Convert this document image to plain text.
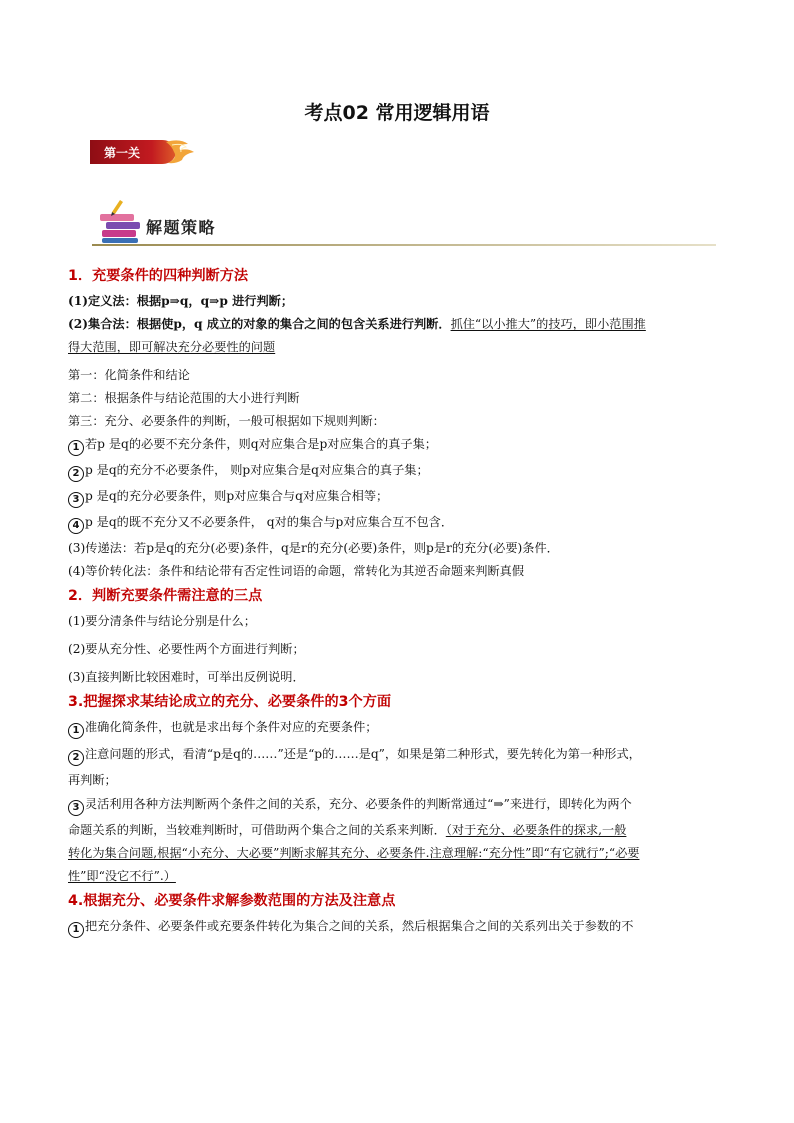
考点02 常用逻辑用语
第一关
解题策略

1．充要条件的四种判断方法

(1)定义法：根据p⇒q，q⇒p 进行判断；

(2)集合法：根据使p，q 成立的对象的集合之间的包含关系进行判断．抓住“以小推大”的技巧，即小范围推

得大范围，即可解决充分必要性的问题

第一：化简条件和结论

第二：根据条件与结论范围的大小进行判断

第三：充分、必要条件的判断，一般可根据如下规则判断：

1 若p 是q的必要不充分条件，则q对应集合是p对应集合的真子集；

2 p 是q的充分不必要条件， 则p对应集合是q对应集合的真子集；

3 p 是q的充分必要条件，则p对应集合与q对应集合相等；

4 p 是q的既不充分又不必要条件， q对的集合与p对应集合互不包含．

(3)传递法：若p是q的充分(必要)条件，q是r的充分(必要)条件，则p是r的充分(必要)条件．

(4)等价转化法：条件和结论带有否定性词语的命题，常转化为其逆否命题来判断真假

2．判断充要条件需注意的三点

(1)要分清条件与结论分别是什么；

(2)要从充分性、必要性两个方面进行判断；

(3)直接判断比较困难时，可举出反例说明．

3.把握探求某结论成立的充分、必要条件的3个方面

1 准确化简条件，也就是求出每个条件对应的充要条件；

2 注意问题的形式，看清“p是q的……”还是“p的……是q”，如果是第二种形式，要先转化为第一种形式，

再判断；

3 灵活利用各种方法判断两个条件之间的关系，充分、必要条件的判断常通过“⇒”来进行，即转化为两个

命题关系的判断，当较难判断时，可借助两个集合之间的关系来判断．（对于充分、必要条件的探求,一般

转化为集合问题,根据“小充分、大必要”判断求解其充分、必要条件.注意理解:“充分性”即“有它就行”;“必要

性”即“没它不行”.）

4.根据充分、必要条件求解参数范围的方法及注意点

1 把充分条件、必要条件或充要条件转化为集合之间的关系，然后根据集合之间的关系列出关于参数的不
